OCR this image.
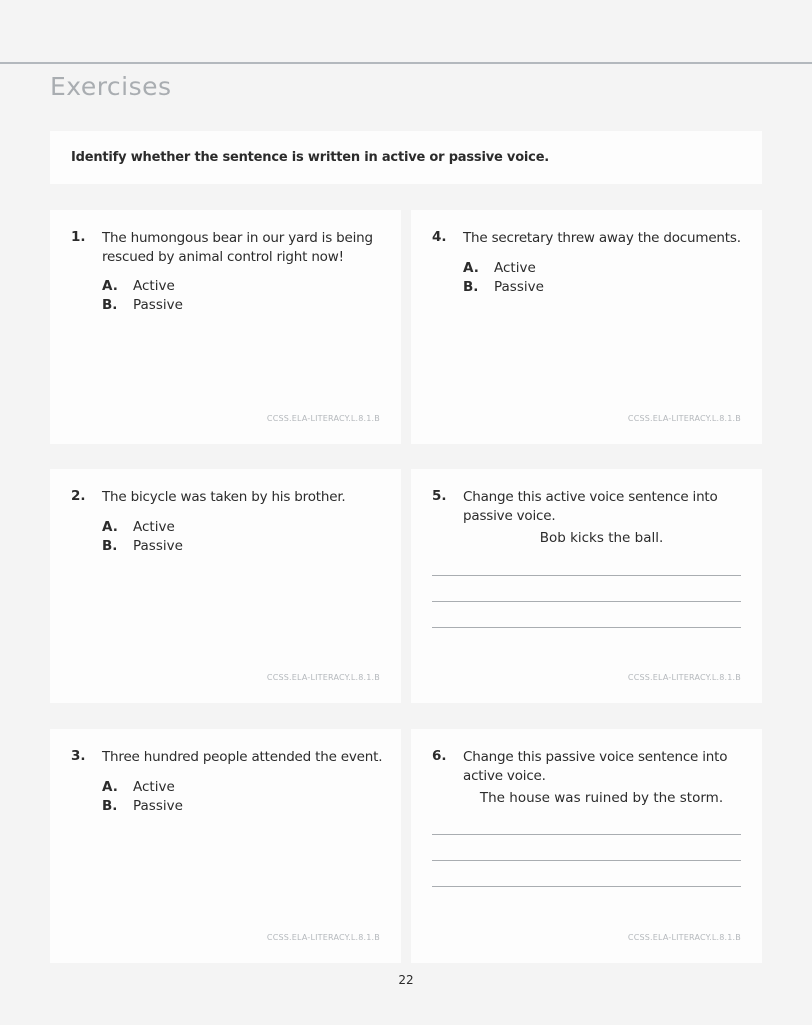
Exercises
Identify whether the sentence is written in active or passive voice.
1. The humongous bear in our yard is being rescued by animal control right now!
A.	Active
B.	Passive
CCSS.ELA-LITERACY.L.8.1.B
2. The bicycle was taken by his brother.
A.	Active
B.	Passive
CCSS.ELA-LITERACY.L.8.1.B
3. Three hundred people attended the event.
A.	Active
B.	Passive
CCSS.ELA-LITERACY.L.8.1.B
4. The secretary threw away the documents.
A.	Active
B.	Passive
CCSS.ELA-LITERACY.L.8.1.B
5. Change this active voice sentence into passive voice.
Bob kicks the ball.
CCSS.ELA-LITERACY.L.8.1.B
6. Change this passive voice sentence into active voice.
The house was ruined by the storm.
CCSS.ELA-LITERACY.L.8.1.B
22
